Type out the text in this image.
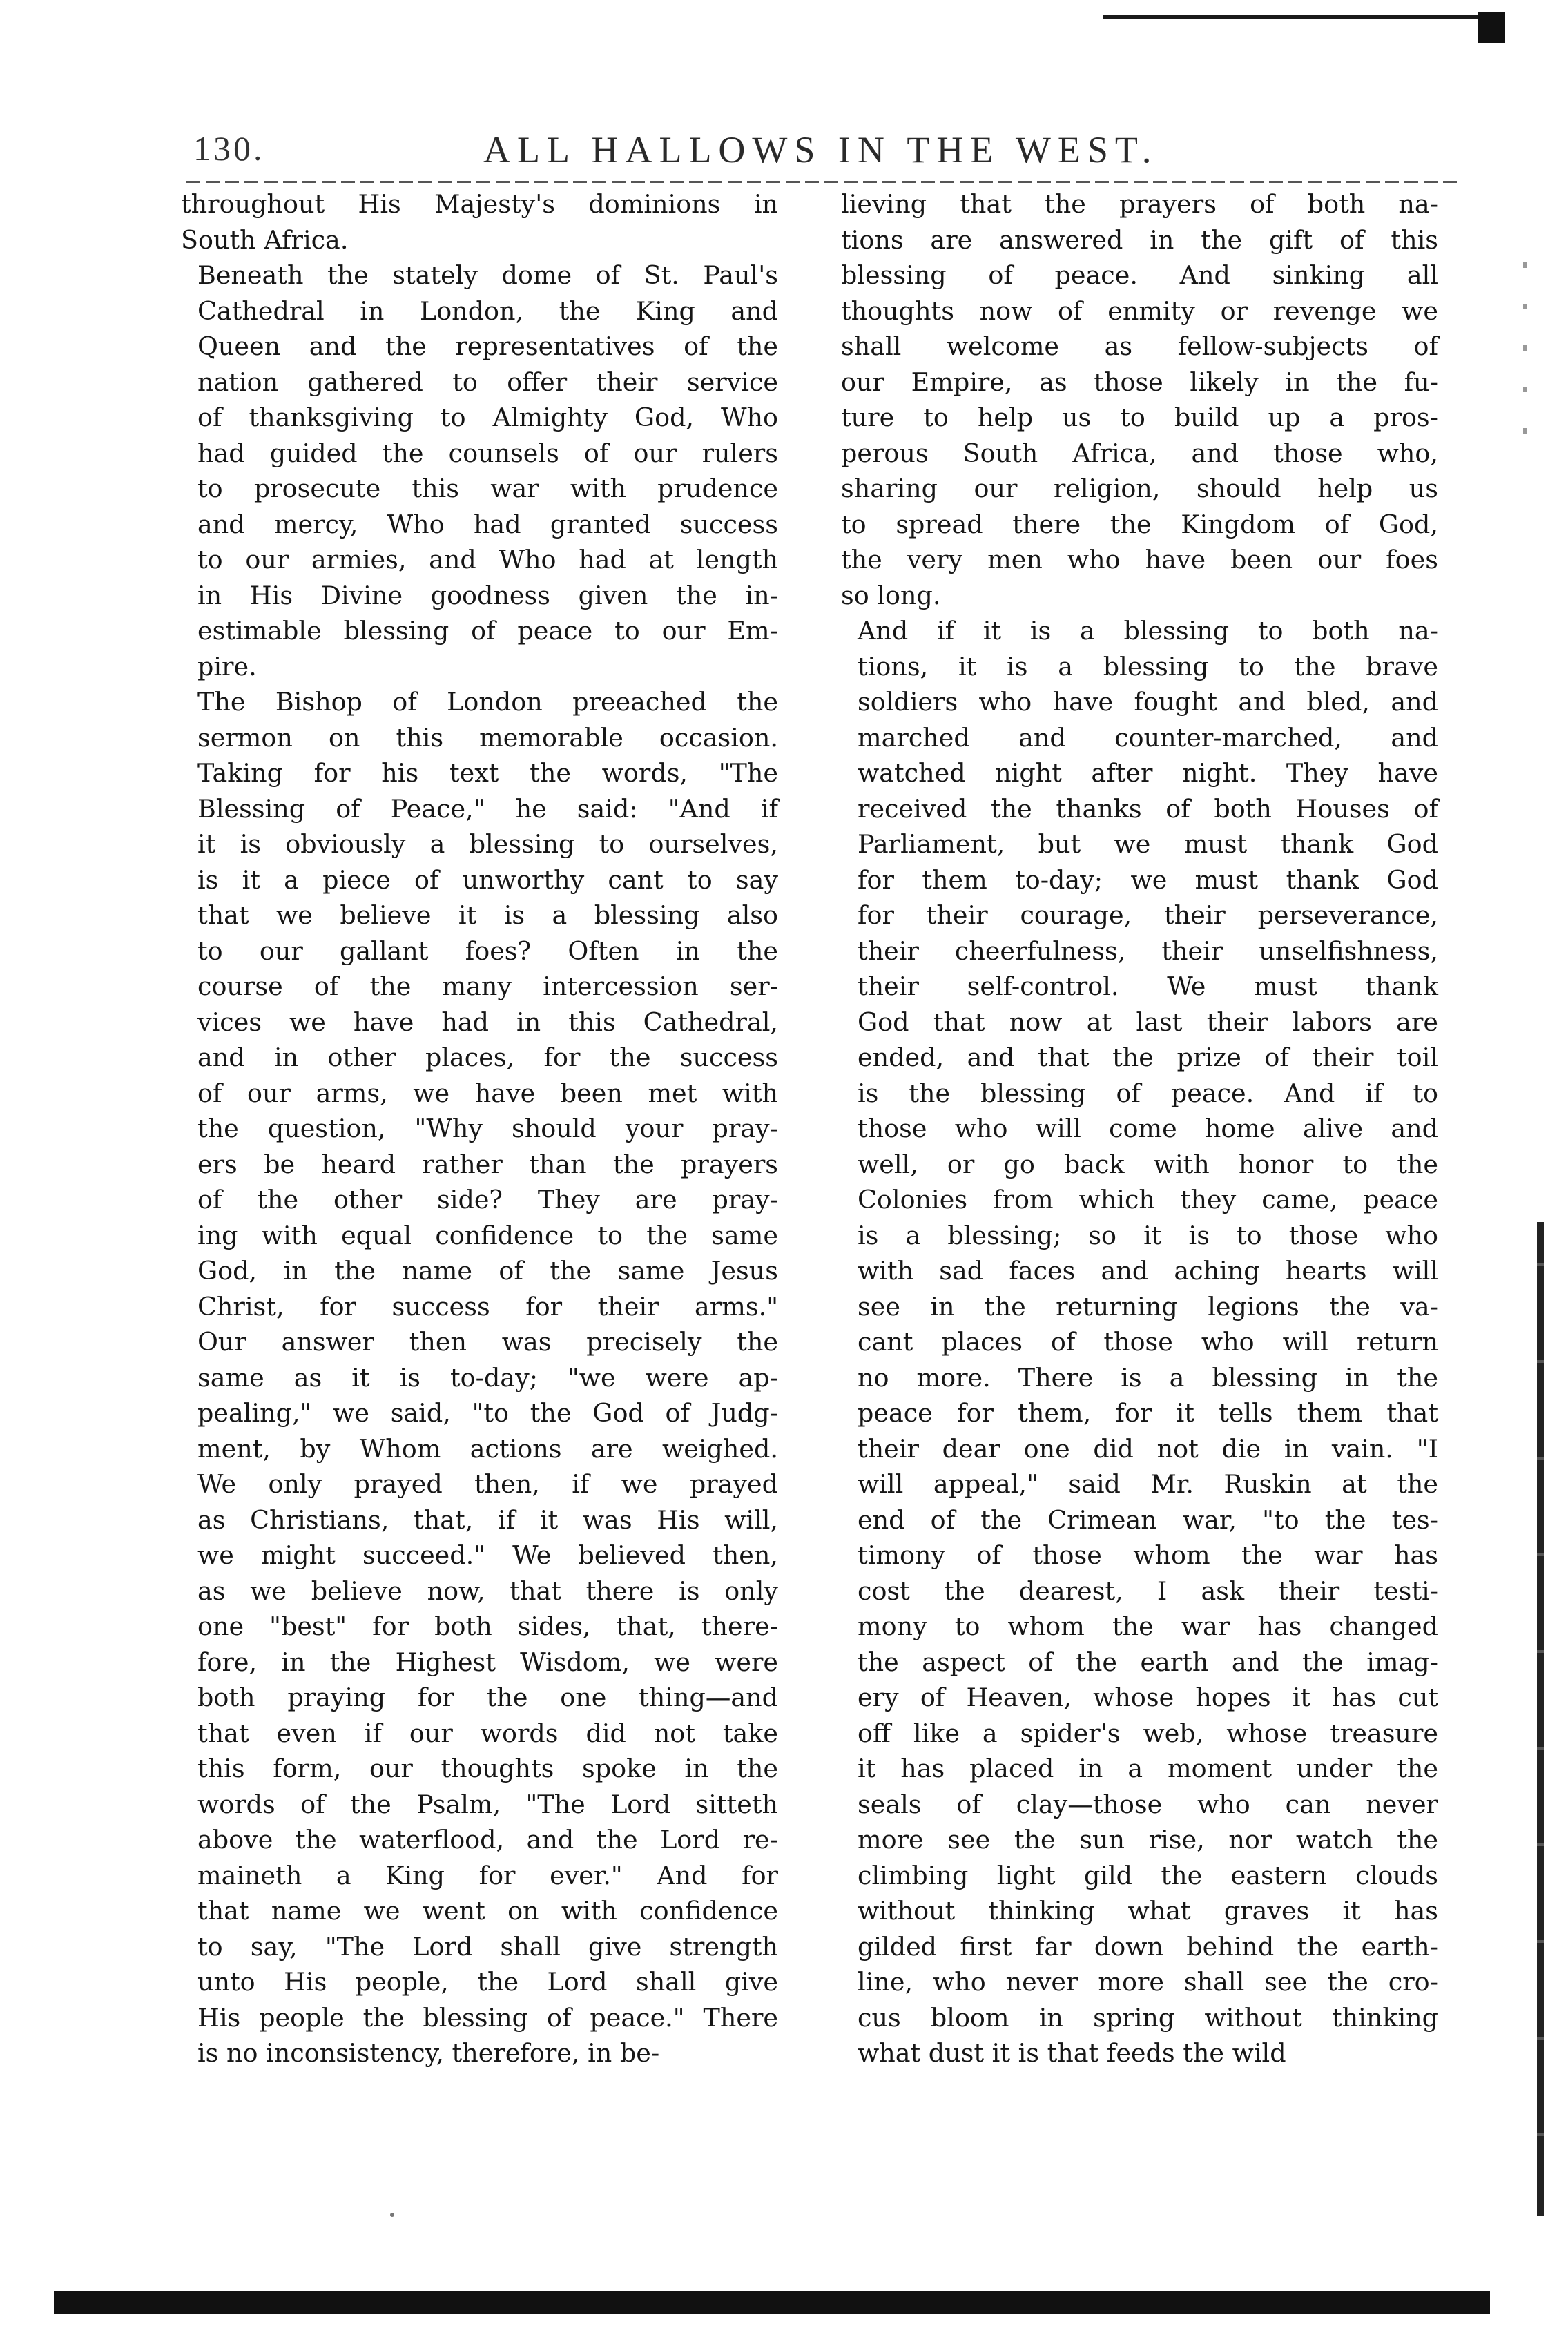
130.	ALL HALLOWS IN THE WEST.

throughout His Majesty's dominions in
South Africa.

Beneath the stately dome of St. Paul's
Cathedral in London, the King and
Queen and the representatives of the
nation gathered to offer their service
of thanksgiving to Almighty God, Who
had guided the counsels of our rulers
to prosecute this war with prudence
and mercy, Who had granted success
to our armies, and Who had at length
in His Divine goodness given the in-
estimable blessing of peace to our Em-
pire.

The Bishop of London preeached the
sermon on this memorable occasion.
Taking for his text the words, "The
Blessing of Peace," he said: "And if
it is obviously a blessing to ourselves,
is it a piece of unworthy cant to say
that we believe it is a blessing also
to our gallant foes? Often in the
course of the many intercession ser-
vices we have had in this Cathedral,
and in other places, for the success
of our arms, we have been met with
the question, "Why should your pray-
ers be heard rather than the prayers
of the other side? They are pray-
ing with equal confidence to the same
God, in the name of the same Jesus
Christ, for success for their arms."
Our answer then was precisely the
same as it is to-day; "we were ap-
pealing," we said, "to the God of Judg-
ment, by Whom actions are weighed.
We only prayed then, if we prayed
as Christians, that, if it was His will,
we might succeed." We believed then,
as we believe now, that there is only
one "best" for both sides, that, there-
fore, in the Highest Wisdom, we were
both praying for the one thing—and
that even if our words did not take
this form, our thoughts spoke in the
words of the Psalm, "The Lord sitteth
above the waterflood, and the Lord re-
maineth a King for ever." And for
that name we went on with confidence
to say, "The Lord shall give strength
unto His people, the Lord shall give
His people the blessing of peace." There
is no inconsistency, therefore, in be-

lieving that the prayers of both na-
tions are answered in the gift of this
blessing of peace. And sinking all
thoughts now of enmity or revenge we
shall welcome as fellow-subjects of
our Empire, as those likely in the fu-
ture to help us to build up a pros-
perous South Africa, and those who,
sharing our religion, should help us
to spread there the Kingdom of God,
the very men who have been our foes
so long.

And if it is a blessing to both na-
tions, it is a blessing to the brave
soldiers who have fought and bled, and
marched and counter-marched, and
watched night after night. They have
received the thanks of both Houses of
Parliament, but we must thank God
for them to-day; we must thank God
for their courage, their perseverance,
their cheerfulness, their unselfishness,
their self-control. We must thank
God that now at last their labors are
ended, and that the prize of their toil
is the blessing of peace. And if to
those who will come home alive and
well, or go back with honor to the
Colonies from which they came, peace
is a blessing; so it is to those who
with sad faces and aching hearts will
see in the returning legions the va-
cant places of those who will return
no more. There is a blessing in the
peace for them, for it tells them that
their dear one did not die in vain. "I
will appeal," said Mr. Ruskin at the
end of the Crimean war, "to the tes-
timony of those whom the war has
cost the dearest, I ask their testi-
mony to whom the war has changed
the aspect of the earth and the imag-
ery of Heaven, whose hopes it has cut
off like a spider's web, whose treasure
it has placed in a moment under the
seals of clay—those who can never
more see the sun rise, nor watch the
climbing light gild the eastern clouds
without thinking what graves it has
gilded first far down behind the earth-
line, who never more shall see the cro-
cus bloom in spring without thinking
what dust it is that feeds the wild
